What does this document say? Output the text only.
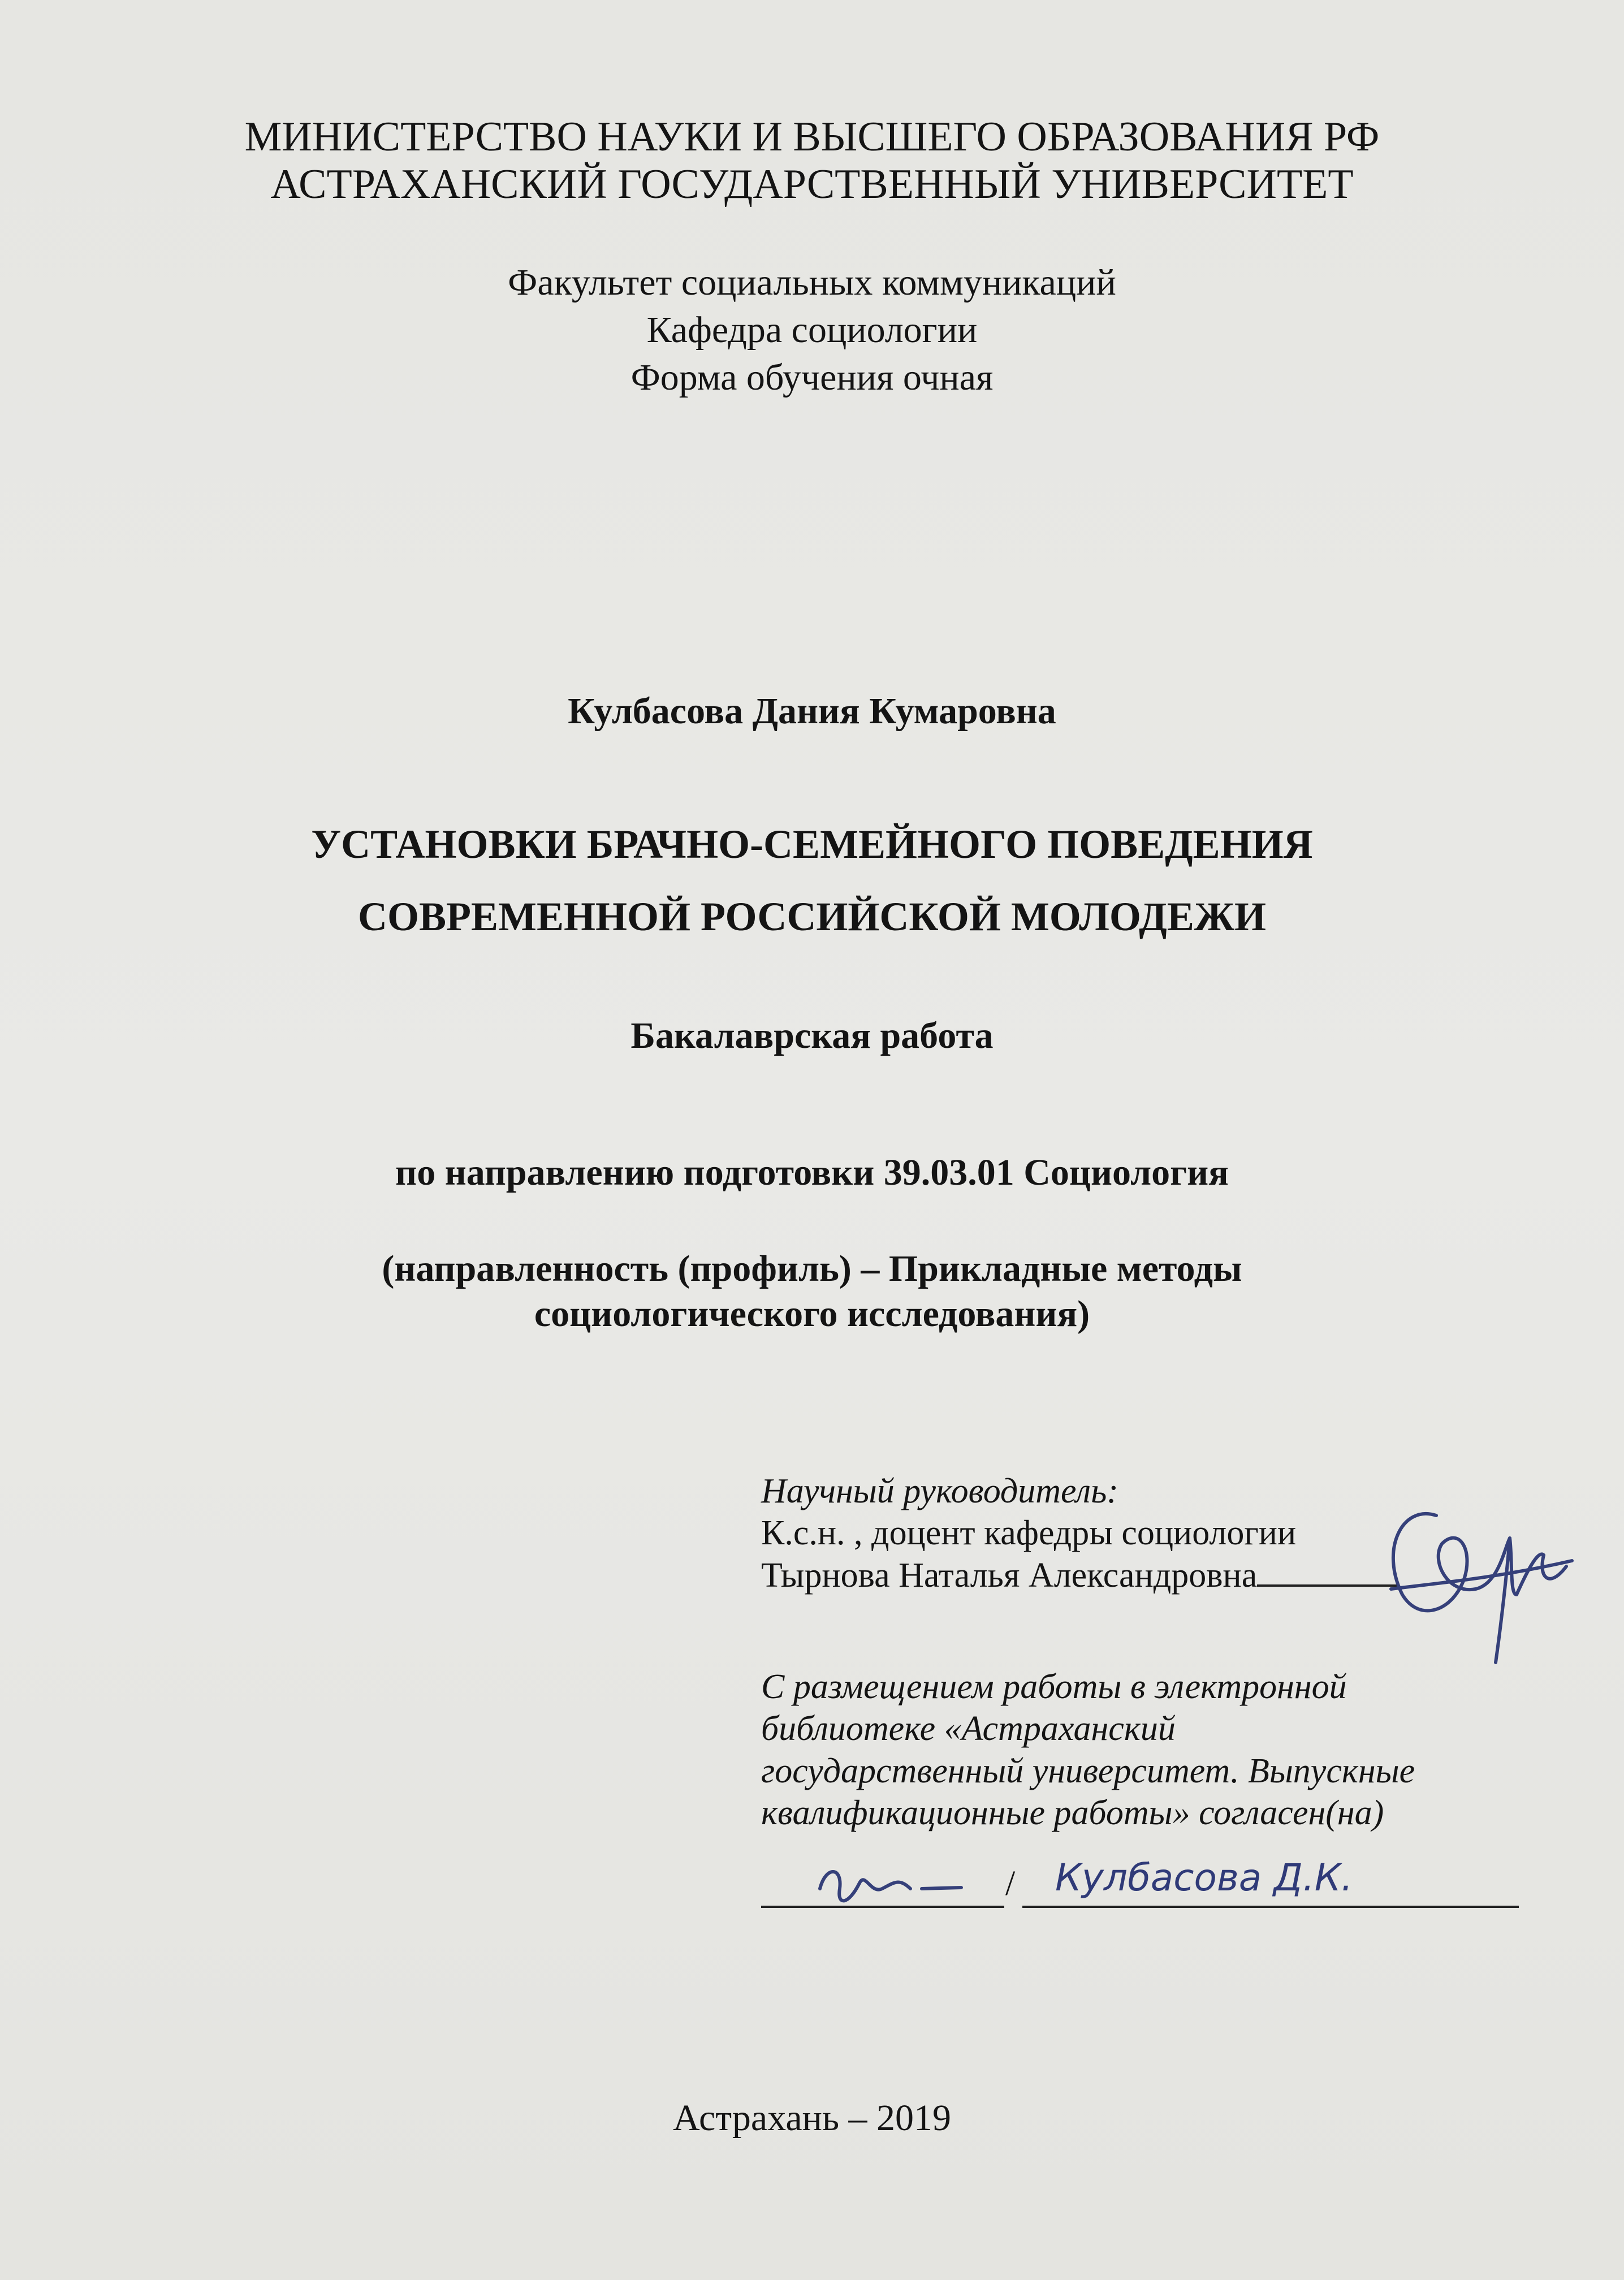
МИНИСТЕРСТВО НАУКИ И ВЫСШЕГО ОБРАЗОВАНИЯ РФ
АСТРАХАНСКИЙ ГОСУДАРСТВЕННЫЙ УНИВЕРСИТЕТ
Факультет социальных коммуникаций
Кафедра социологии
Форма обучения очная
Кулбасова Дания Кумаровна
УСТАНОВКИ БРАЧНО-СЕМЕЙНОГО ПОВЕДЕНИЯ
СОВРЕМЕННОЙ РОССИЙСКОЙ МОЛОДЕЖИ
Бакалаврская работа
по направлению подготовки 39.03.01 Социология
(направленность (профиль) – Прикладные методы
социологического исследования)
Научный руководитель:
К.с.н. , доцент кафедры социологии
Тырнова Наталья Александровна
С размещением работы в электронной
библиотеке «Астраханский
государственный университет. Выпускные
квалификационные работы» согласен(на)
/ Кулбасова Д.К.
Астрахань – 2019
